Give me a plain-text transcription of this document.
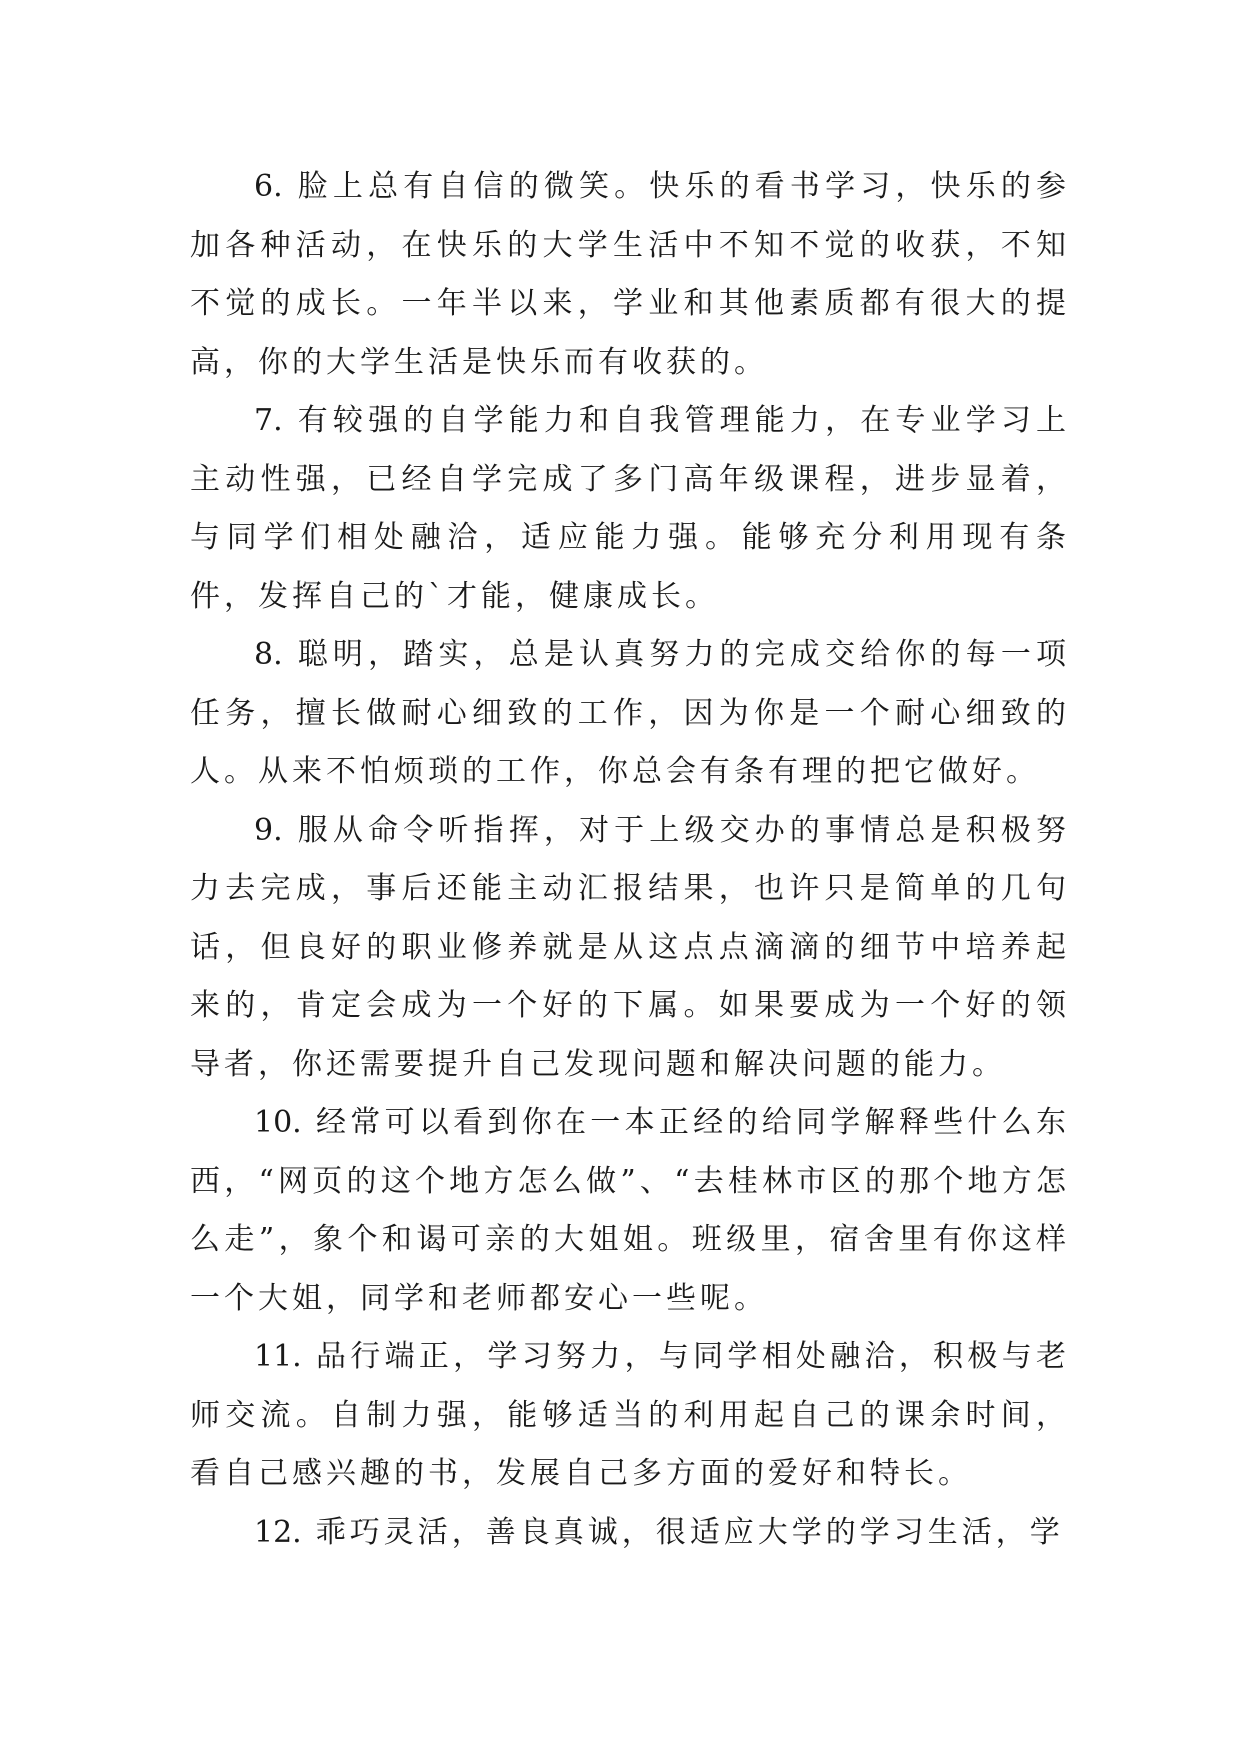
6. 脸上总有自信的微笑。快乐的看书学习，快乐的参加各种活动，在快乐的大学生活中不知不觉的收获，不知不觉的成长。一年半以来，学业和其他素质都有很大的提高，你的大学生活是快乐而有收获的。

7. 有较强的自学能力和自我管理能力，在专业学习上主动性强，已经自学完成了多门高年级课程，进步显着，与同学们相处融洽，适应能力强。能够充分利用现有条件，发挥自己的`才能，健康成长。

8. 聪明，踏实，总是认真努力的完成交给你的每一项任务，擅长做耐心细致的工作，因为你是一个耐心细致的人。从来不怕烦琐的工作，你总会有条有理的把它做好。

9. 服从命令听指挥，对于上级交办的事情总是积极努力去完成，事后还能主动汇报结果，也许只是简单的几句话，但良好的职业修养就是从这点点滴滴的细节中培养起来的，肯定会成为一个好的下属。如果要成为一个好的领导者，你还需要提升自己发现问题和解决问题的能力。

10. 经常可以看到你在一本正经的给同学解释些什么东西，“网页的这个地方怎么做”、“去桂林市区的那个地方怎么走”，象个和谒可亲的大姐姐。班级里，宿舍里有你这样一个大姐，同学和老师都安心一些呢。

11. 品行端正，学习努力，与同学相处融洽，积极与老师交流。自制力强，能够适当的利用起自己的课余时间，看自己感兴趣的书，发展自己多方面的爱好和特长。

12. 乖巧灵活，善良真诚，很适应大学的学习生活，学
